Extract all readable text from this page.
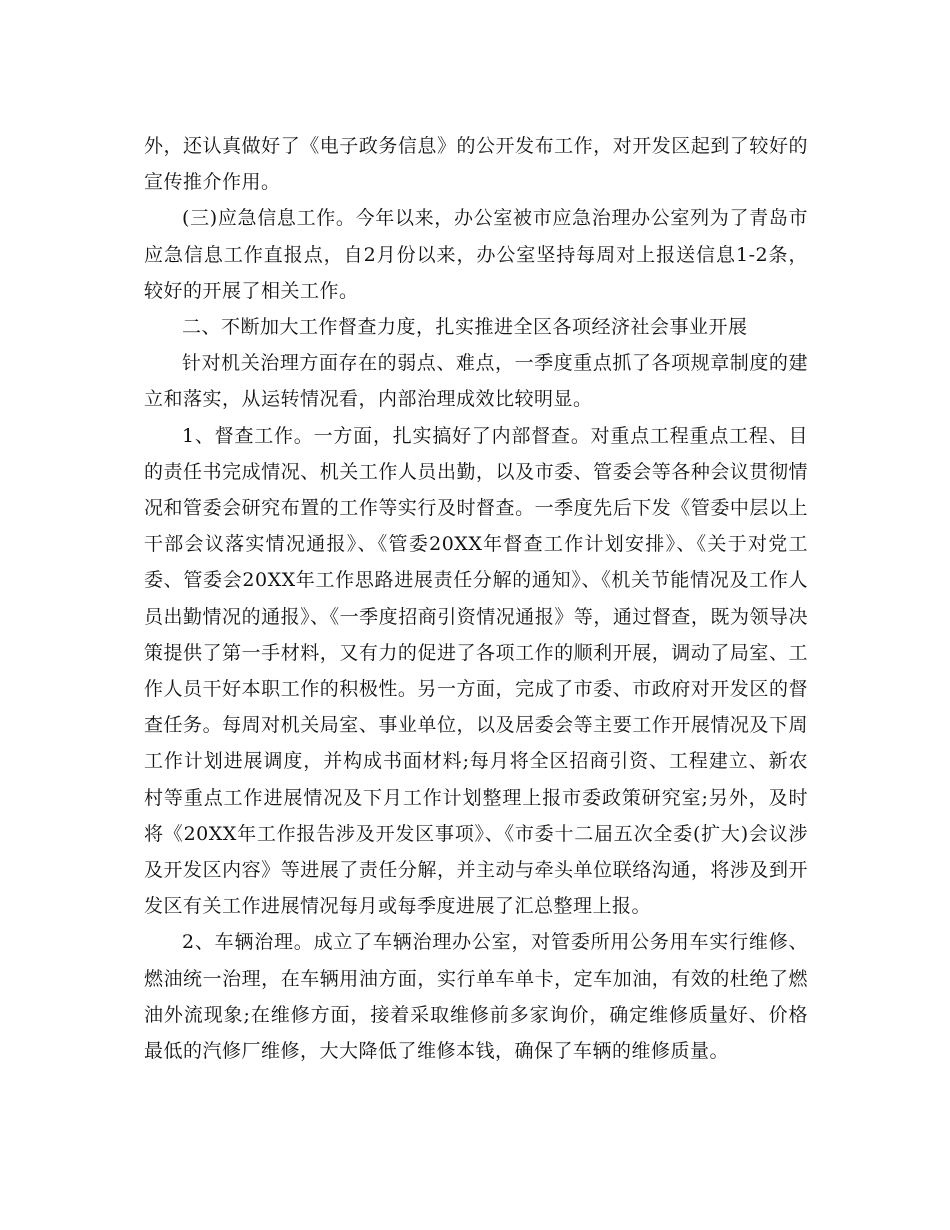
外，还认真做好了《电子政务信息》的公开发布工作，对开发区起到了较好的宣传推介作用。

(三)应急信息工作。今年以来，办公室被市应急治理办公室列为了青岛市应急信息工作直报点，自2月份以来，办公室坚持每周对上报送信息1-2条，较好的开展了相关工作。

二、不断加大工作督查力度，扎实推进全区各项经济社会事业开展

针对机关治理方面存在的弱点、难点，一季度重点抓了各项规章制度的建立和落实，从运转情况看，内部治理成效比较明显。

1、督查工作。一方面，扎实搞好了内部督查。对重点工程重点工程、目的责任书完成情况、机关工作人员出勤，以及市委、管委会等各种会议贯彻情况和管委会研究布置的工作等实行及时督查。一季度先后下发《管委中层以上干部会议落实情况通报》、《管委20XX年督查工作计划安排》、《关于对党工委、管委会20XX年工作思路进展责任分解的通知》、《机关节能情况及工作人员出勤情况的通报》、《一季度招商引资情况通报》等，通过督查，既为领导决策提供了第一手材料，又有力的促进了各项工作的顺利开展，调动了局室、工作人员干好本职工作的积极性。另一方面，完成了市委、市政府对开发区的督查任务。每周对机关局室、事业单位，以及居委会等主要工作开展情况及下周工作计划进展调度，并构成书面材料;每月将全区招商引资、工程建立、新农村等重点工作进展情况及下月工作计划整理上报市委政策研究室;另外，及时将《20XX年工作报告涉及开发区事项》、《市委十二届五次全委(扩大)会议涉及开发区内容》等进展了责任分解，并主动与牵头单位联络沟通，将涉及到开发区有关工作进展情况每月或每季度进展了汇总整理上报。

2、车辆治理。成立了车辆治理办公室，对管委所用公务用车实行维修、燃油统一治理，在车辆用油方面，实行单车单卡，定车加油，有效的杜绝了燃油外流现象;在维修方面，接着采取维修前多家询价，确定维修质量好、价格最低的汽修厂维修，大大降低了维修本钱，确保了车辆的维修质量。
